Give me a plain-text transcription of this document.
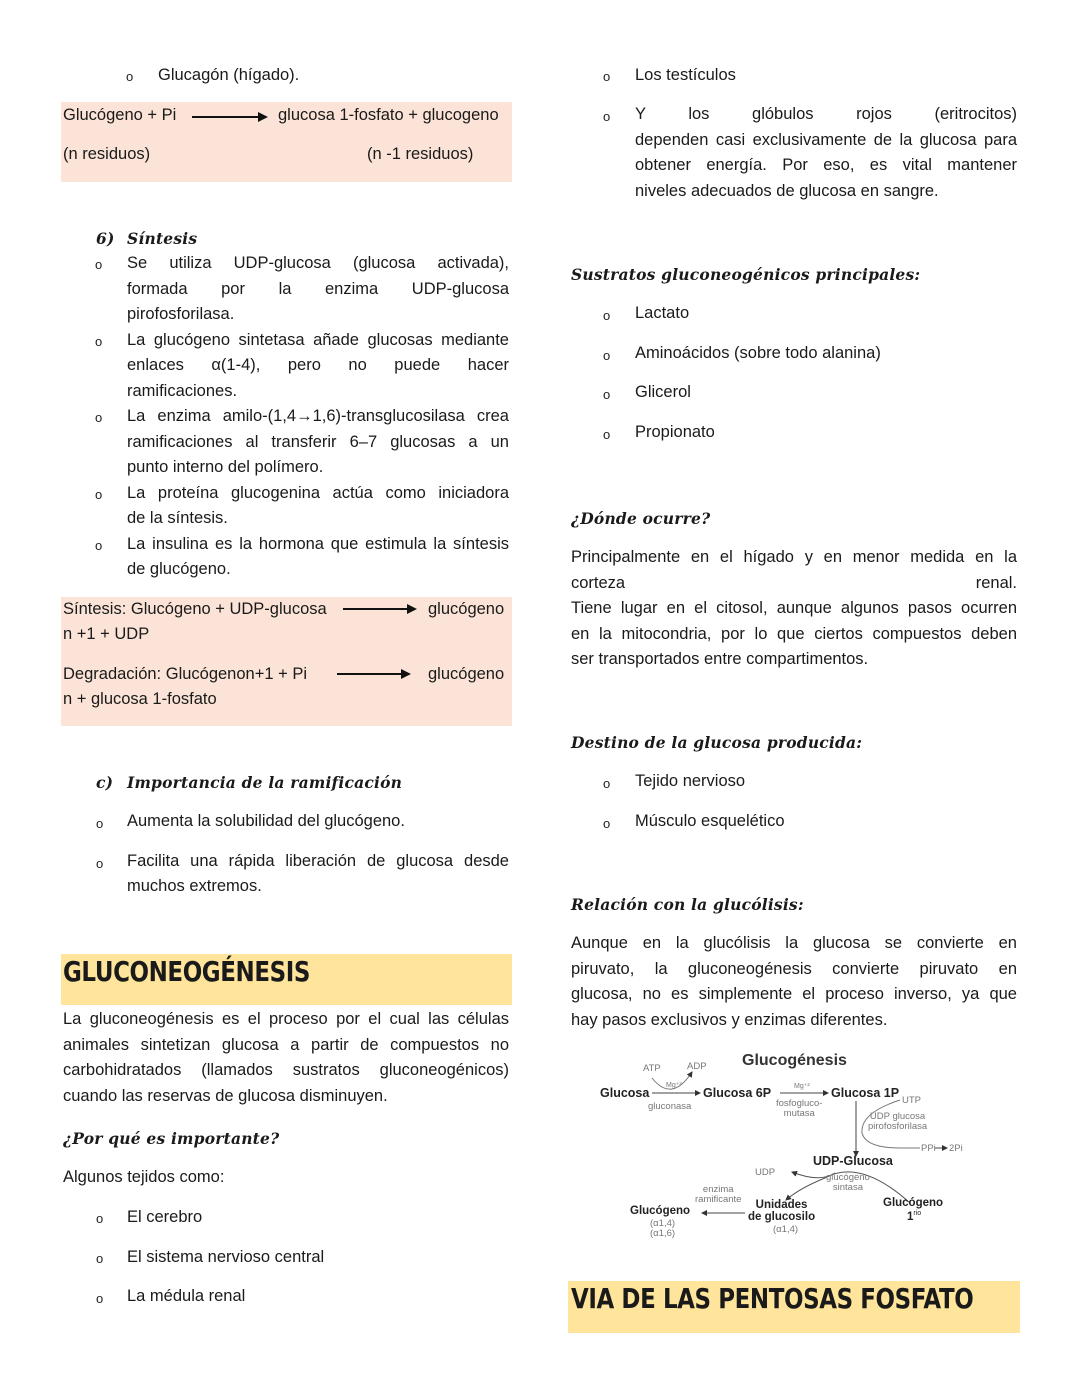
o Glucagón (hígado).
Glucógeno + Pi	glucosa 1-fosfato + glucogeno
(n residuos)	(n -1 residuos)
6) Síntesis
o Se utiliza UDP-glucosa (glucosa activada),
formada por la enzima UDP-glucosa
pirofosforilasa.
o La glucógeno sintetasa añade glucosas mediante
enlaces α(1-4), pero no puede hacer
ramificaciones.
o La enzima amilo-(1,4→1,6)-transglucosilasa crea
ramificaciones al transferir 6–7 glucosas a un
punto interno del polímero.
o La proteína glucogenina actúa como iniciadora
de la síntesis.
o La insulina es la hormona que estimula la síntesis
de glucógeno.
Síntesis: Glucógeno + UDP-glucosa	glucógeno
n +1 + UDP
Degradación: Glucógenon+1 + Pi	glucógeno
n + glucosa 1-fosfato
c) Importancia de la ramificación
o Aumenta la solubilidad del glucógeno.
o Facilita una rápida liberación de glucosa desde
muchos extremos.
GLUCONEOGÉNESIS
La gluconeogénesis es el proceso por el cual las células
animales sintetizan glucosa a partir de compuestos no
carbohidratados (llamados sustratos gluconeogénicos)
cuando las reservas de glucosa disminuyen.
¿Por qué es importante?
Algunos tejidos como:
o El cerebro
o El sistema nervioso central
o La médula renal
o Los testículos
o Y los glóbulos rojos (eritrocitos)
dependen casi exclusivamente de la glucosa para
obtener energía. Por eso, es vital mantener
niveles adecuados de glucosa en sangre.
Sustratos gluconeogénicos principales:
o Lactato
o Aminoácidos (sobre todo alanina)
o Glicerol
o Propionato
¿Dónde ocurre?
Principalmente en el hígado y en menor medida en la
corteza	renal.
Tiene lugar en el citosol, aunque algunos pasos ocurren
en la mitocondria, por lo que ciertos compuestos deben
ser transportados entre compartimentos.
Destino de la glucosa producida:
o Tejido nervioso
o Músculo esquelético
Relación con la glucólisis:
Aunque en la glucólisis la glucosa se convierte en
piruvato, la gluconeogénesis convierte piruvato en
glucosa, no es simplemente el proceso inverso, ya que
hay pasos exclusivos y enzimas diferentes.
Glucogénesis
ATP	ADP
Mg⁺²
Glucosa
gluconasa
Glucosa 6P	Mg⁺²
fosfogluco-
mutasa
Glucosa 1P
UTP
UDP glucosa
pirofosforilasa
PPi 2Pi
UDP-Glucosa
UDP	glucógeno
sintasa
enzima
ramificante
Glucógeno
(α1,4)
(α1,6)
Unidades
de glucosilo
(α1,4)
Glucógeno
$1^{rio}$
VIA DE LAS PENTOSAS FOSFATO
